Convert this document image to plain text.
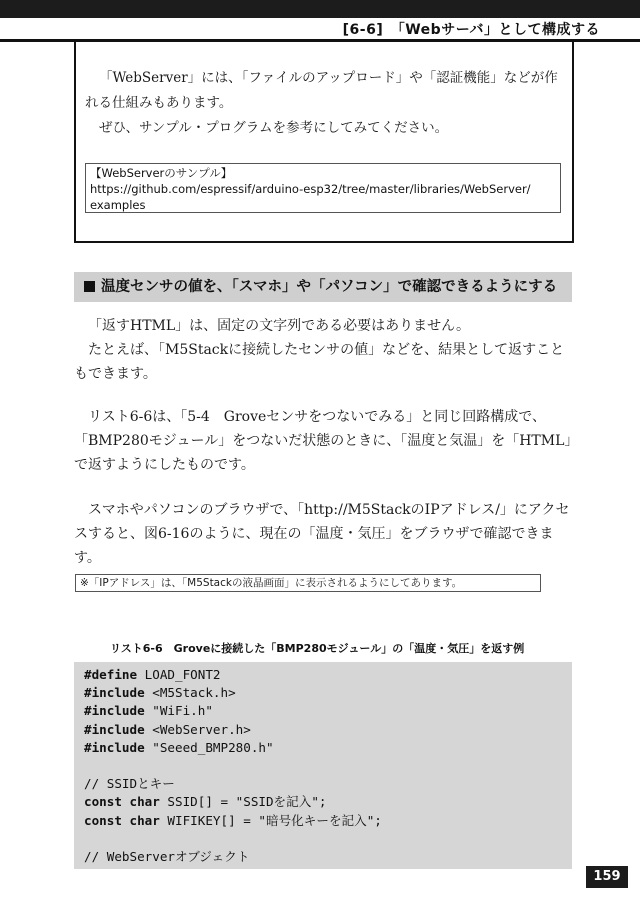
[6-6]　「Webサーバ」として構成する

「WebServer」には、「ファイルのアップロード」や「認証機能」などが作れる仕組みもあります。

ぜひ、サンプル・プログラムを参考にしてみてください。

【WebServerのサンプル】
https://github.com/espressif/arduino-esp32/tree/master/libraries/WebServer/
examples
温度センサの値を、「スマホ」や「パソコン」で確認できるようにする

「返すHTML」は、固定の文字列である必要はありません。

たとえば、「M5Stackに接続したセンサの値」などを、結果として返すこともできます。

リスト6-6は、「5-4　Groveセンサをつないでみる」と同じ回路構成で、「BMP280モジュール」をつないだ状態のときに、「温度と気温」を「HTML」で返すようにしたものです。

スマホやパソコンのブラウザで、「http://M5StackのIPアドレス/」にアクセスすると、図6-16のように、現在の「温度・気圧」をブラウザで確認できます。

※「IPアドレス」は、「M5Stackの液晶画面」に表示されるようにしてあります。
リスト6-6　Groveに接続した「BMP280モジュール」の「温度・気圧」を返す例
#define LOAD_FONT2
#include <M5Stack.h>
#include "WiFi.h"
#include <WebServer.h>
#include "Seeed_BMP280.h"
// SSIDとキー
const char SSID[] = "SSIDを記入";
const char WIFIKEY[] = "暗号化キーを記入";
// WebServerオブジェクト
159
